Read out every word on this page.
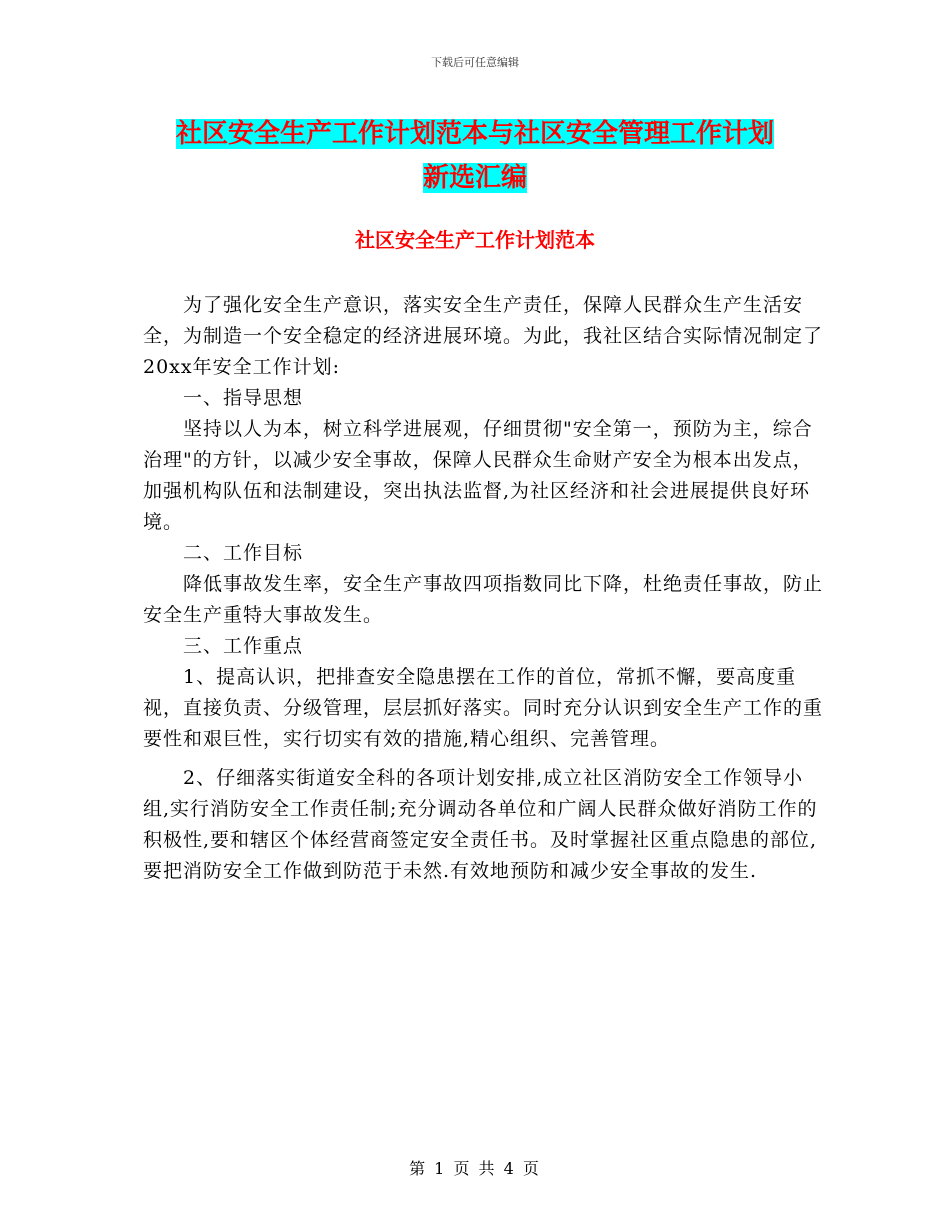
下载后可任意编辑
社区安全生产工作计划范本与社区安全管理工作计划
新选汇编
社区安全生产工作计划范本

为了强化安全生产意识，落实安全生产责任，保障人民群众生产生活安全，为制造一个安全稳定的经济进展环境。为此，我社区结合实际情况制定了20xx年安全工作计划:

一、指导思想

坚持以人为本，树立科学进展观，仔细贯彻"安全第一，预防为主，综合治理"的方针，以减少安全事故，保障人民群众生命财产安全为根本出发点，加强机构队伍和法制建设，突出执法监督,为社区经济和社会进展提供良好环境。

二、工作目标

降低事故发生率，安全生产事故四项指数同比下降，杜绝责任事故，防止安全生产重特大事故发生。

三、工作重点

1、提高认识，把排查安全隐患摆在工作的首位，常抓不懈，要高度重视，直接负责、分级管理，层层抓好落实。同时充分认识到安全生产工作的重要性和艰巨性，实行切实有效的措施,精心组织、完善管理。

2、仔细落实街道安全科的各项计划安排,成立社区消防安全工作领导小组,实行消防安全工作责任制;充分调动各单位和广阔人民群众做好消防工作的积极性,要和辖区个体经营商签定安全责任书。及时掌握社区重点隐患的部位,要把消防安全工作做到防范于未然.有效地预防和减少安全事故的发生.

第 1 页 共 4 页
